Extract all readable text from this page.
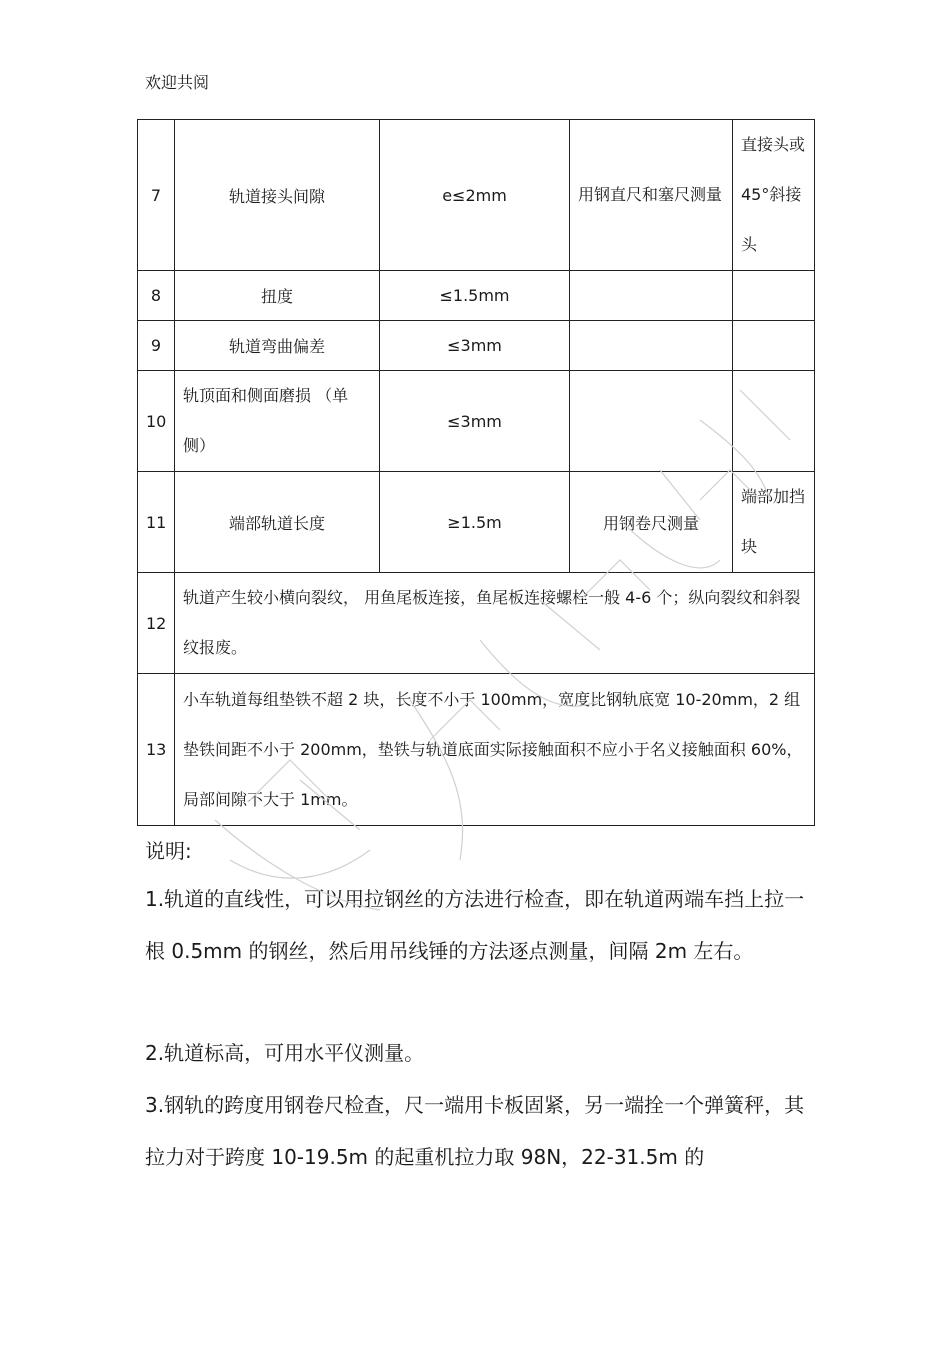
欢迎共阅
7	轨道接头间隙	e≤2mm	用钢直尺和塞尺测量	直接头或 45°斜接头
8	扭度	≤1.5mm		
9	轨道弯曲偏差	≤3mm		
10	轨顶面和侧面磨损 （单侧）	≤3mm		
11	端部轨道长度	≥1.5m	用钢卷尺测量	端部加挡块
12	轨道产生较小横向裂纹， 用鱼尾板连接，鱼尾板连接螺栓一般 4-6 个；纵向裂纹和斜裂纹报废。			
13	小车轨道每组垫铁不超 2 块，长度不小于 100mm，宽度比钢轨底宽 10-20mm，2 组垫铁间距不小于 200mm，垫铁与轨道底面实际接触面积不应小于名义接触面积 60%，局部间隙不大于 1mm。			
说明:
1.轨道的直线性，可以用拉钢丝的方法进行检查，即在轨道两端车挡上拉一根 0.5mm 的钢丝，然后用吊线锤的方法逐点测量，间隔 2m 左右。
2.轨道标高，可用水平仪测量。
3.钢轨的跨度用钢卷尺检查，尺一端用卡板固紧，另一端拴一个弹簧秤，其拉力对于跨度 10-19.5m 的起重机拉力取 98N，22-31.5m 的
